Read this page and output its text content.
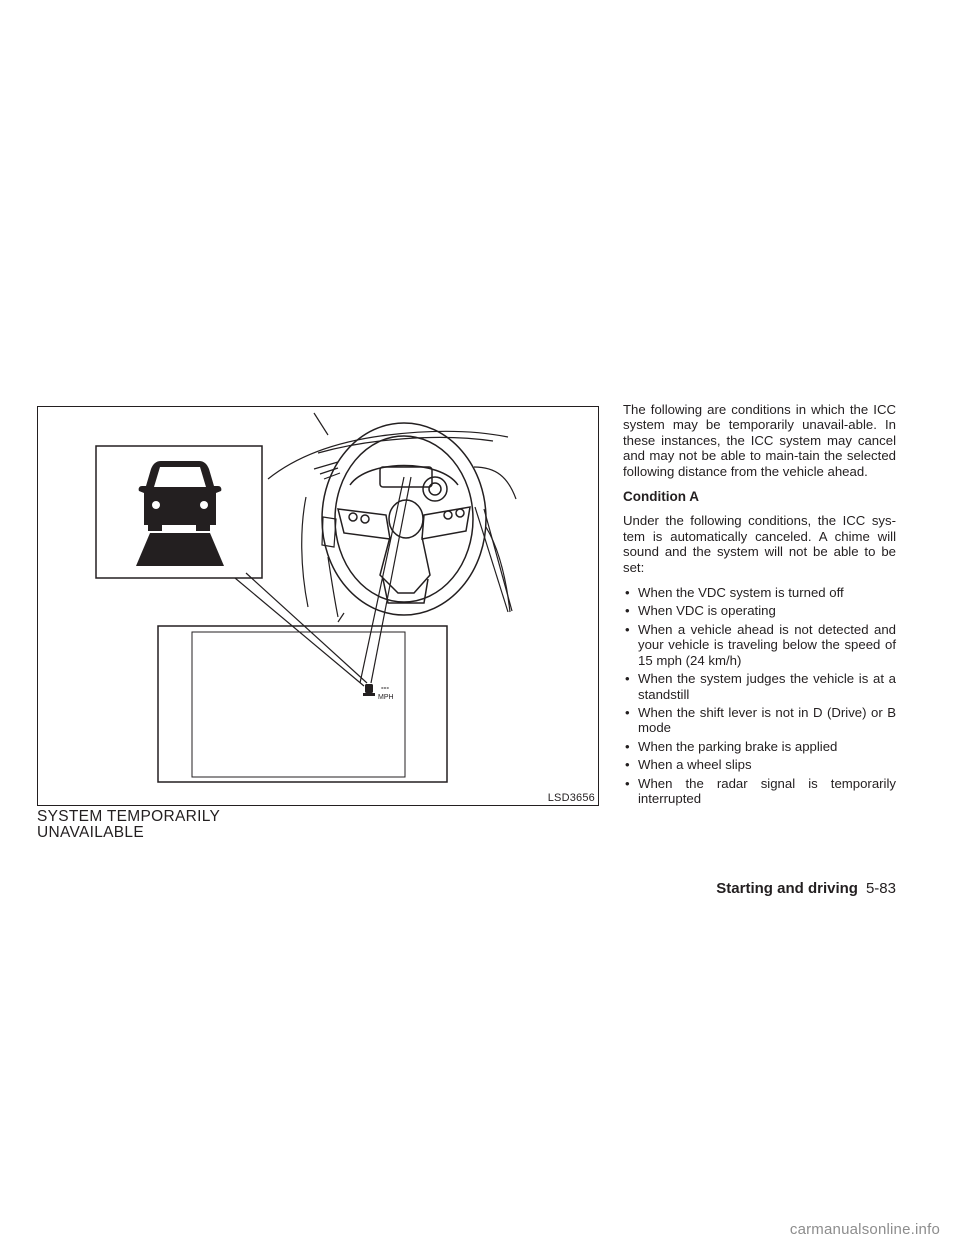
---
MPH
LSD3656
SYSTEM TEMPORARILY UNAVAILABLE

The following are conditions in which the ICC system may be temporarily unavail-able. In these instances, the ICC system may cancel and may not be able to main-tain the selected following distance from the vehicle ahead.

Condition A

Under the following conditions, the ICC sys-tem is automatically canceled. A chime will sound and the system will not be able to be set:

• When the VDC system is turned off
• When VDC is operating
• When a vehicle ahead is not detected and your vehicle is traveling below the speed of 15 mph (24 km/h)
• When the system judges the vehicle is at a standstill
• When the shift lever is not in D (Drive) or B mode
• When the parking brake is applied
• When a wheel slips
• When the radar signal is temporarily interrupted
Starting and driving 5-83
carmanualsonline.info
